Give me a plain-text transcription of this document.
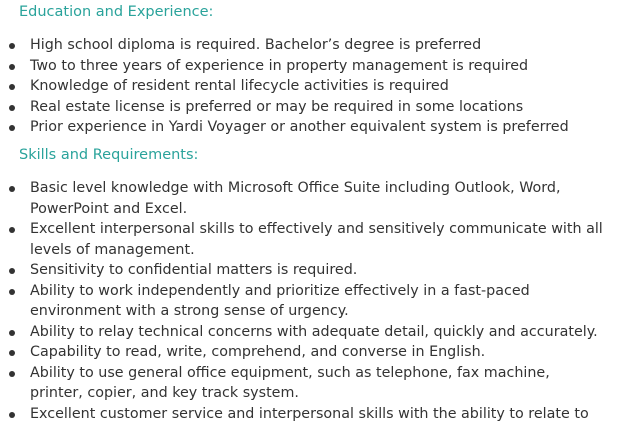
Education and Experience:
High school diploma is required. Bachelor’s degree is preferred
Two to three years of experience in property management is required
Knowledge of resident rental lifecycle activities is required
Real estate license is preferred or may be required in some locations
Prior experience in Yardi Voyager or another equivalent system is preferred
Skills and Requirements:
Basic level knowledge with Microsoft Office Suite including Outlook, Word, PowerPoint and Excel.
Excellent interpersonal skills to effectively and sensitively communicate with all levels of management.
Sensitivity to confidential matters is required.
Ability to work independently and prioritize effectively in a fast-paced environment with a strong sense of urgency.
Ability to relay technical concerns with adequate detail, quickly and accurately.
Capability to read, write, comprehend, and converse in English.
Ability to use general office equipment, such as telephone, fax machine, printer, copier, and key track system.
Excellent customer service and interpersonal skills with the ability to relate to
